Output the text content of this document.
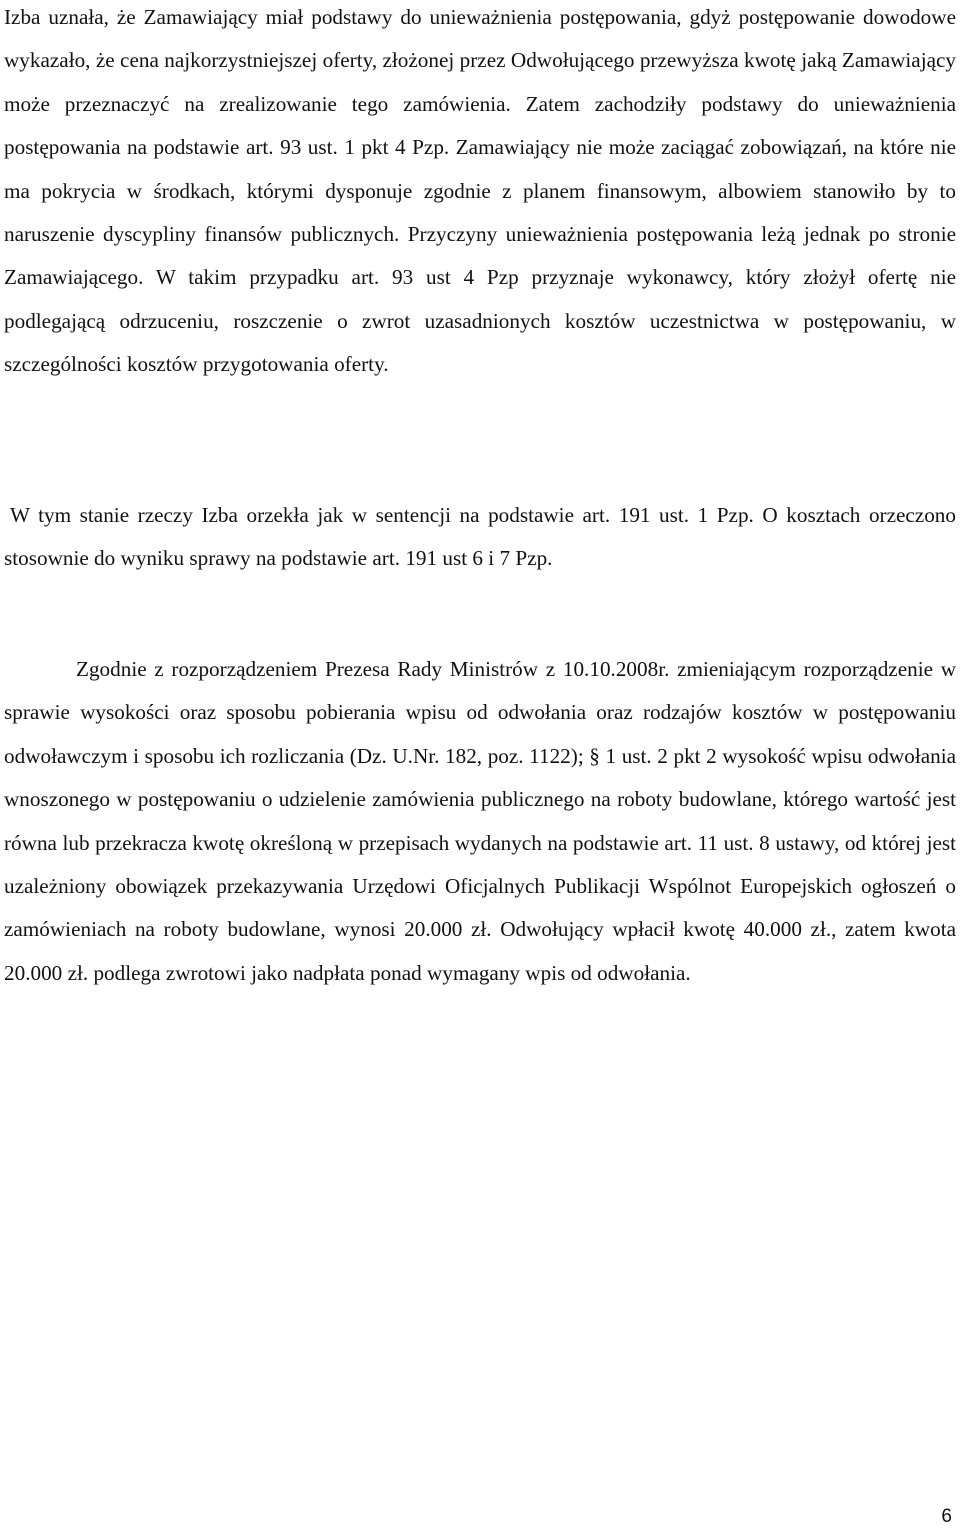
Izba uznała, że Zamawiający miał podstawy do unieważnienia postępowania, gdyż postępowanie dowodowe wykazało, że cena najkorzystniejszej oferty, złożonej przez Odwołującego przewyższa kwotę jaką Zamawiający może przeznaczyć na zrealizowanie tego zamówienia. Zatem zachodziły podstawy do unieważnienia postępowania na podstawie art. 93 ust. 1 pkt 4 Pzp. Zamawiający nie może zaciągać zobowiązań, na które nie ma pokrycia w środkach, którymi dysponuje zgodnie z planem finansowym, albowiem stanowiło by to naruszenie dyscypliny finansów publicznych. Przyczyny unieważnienia postępowania leżą jednak po stronie Zamawiającego. W takim przypadku art. 93 ust 4 Pzp przyznaje wykonawcy, który złożył ofertę nie podlegającą odrzuceniu, roszczenie o zwrot uzasadnionych kosztów uczestnictwa w postępowaniu, w szczególności kosztów przygotowania oferty.

W tym stanie rzeczy Izba orzekła jak w sentencji na podstawie art. 191 ust. 1 Pzp. O kosztach orzeczono stosownie do wyniku sprawy na podstawie art. 191 ust 6 i 7 Pzp.

Zgodnie z rozporządzeniem Prezesa Rady Ministrów z 10.10.2008r. zmieniającym rozporządzenie w sprawie wysokości oraz sposobu pobierania wpisu od odwołania oraz rodzajów kosztów w postępowaniu odwoławczym i sposobu ich rozliczania (Dz. U.Nr. 182, poz. 1122); § 1 ust. 2 pkt 2 wysokość wpisu odwołania wnoszonego w postępowaniu o udzielenie zamówienia publicznego na roboty budowlane, którego wartość jest równa lub przekracza kwotę określoną w przepisach wydanych na podstawie art. 11 ust. 8 ustawy, od której jest uzależniony obowiązek przekazywania Urzędowi Oficjalnych Publikacji Wspólnot Europejskich ogłoszeń o zamówieniach na roboty budowlane, wynosi 20.000 zł. Odwołujący wpłacił kwotę 40.000 zł., zatem kwota 20.000 zł. podlega zwrotowi jako nadpłata ponad wymagany wpis od odwołania.

6
